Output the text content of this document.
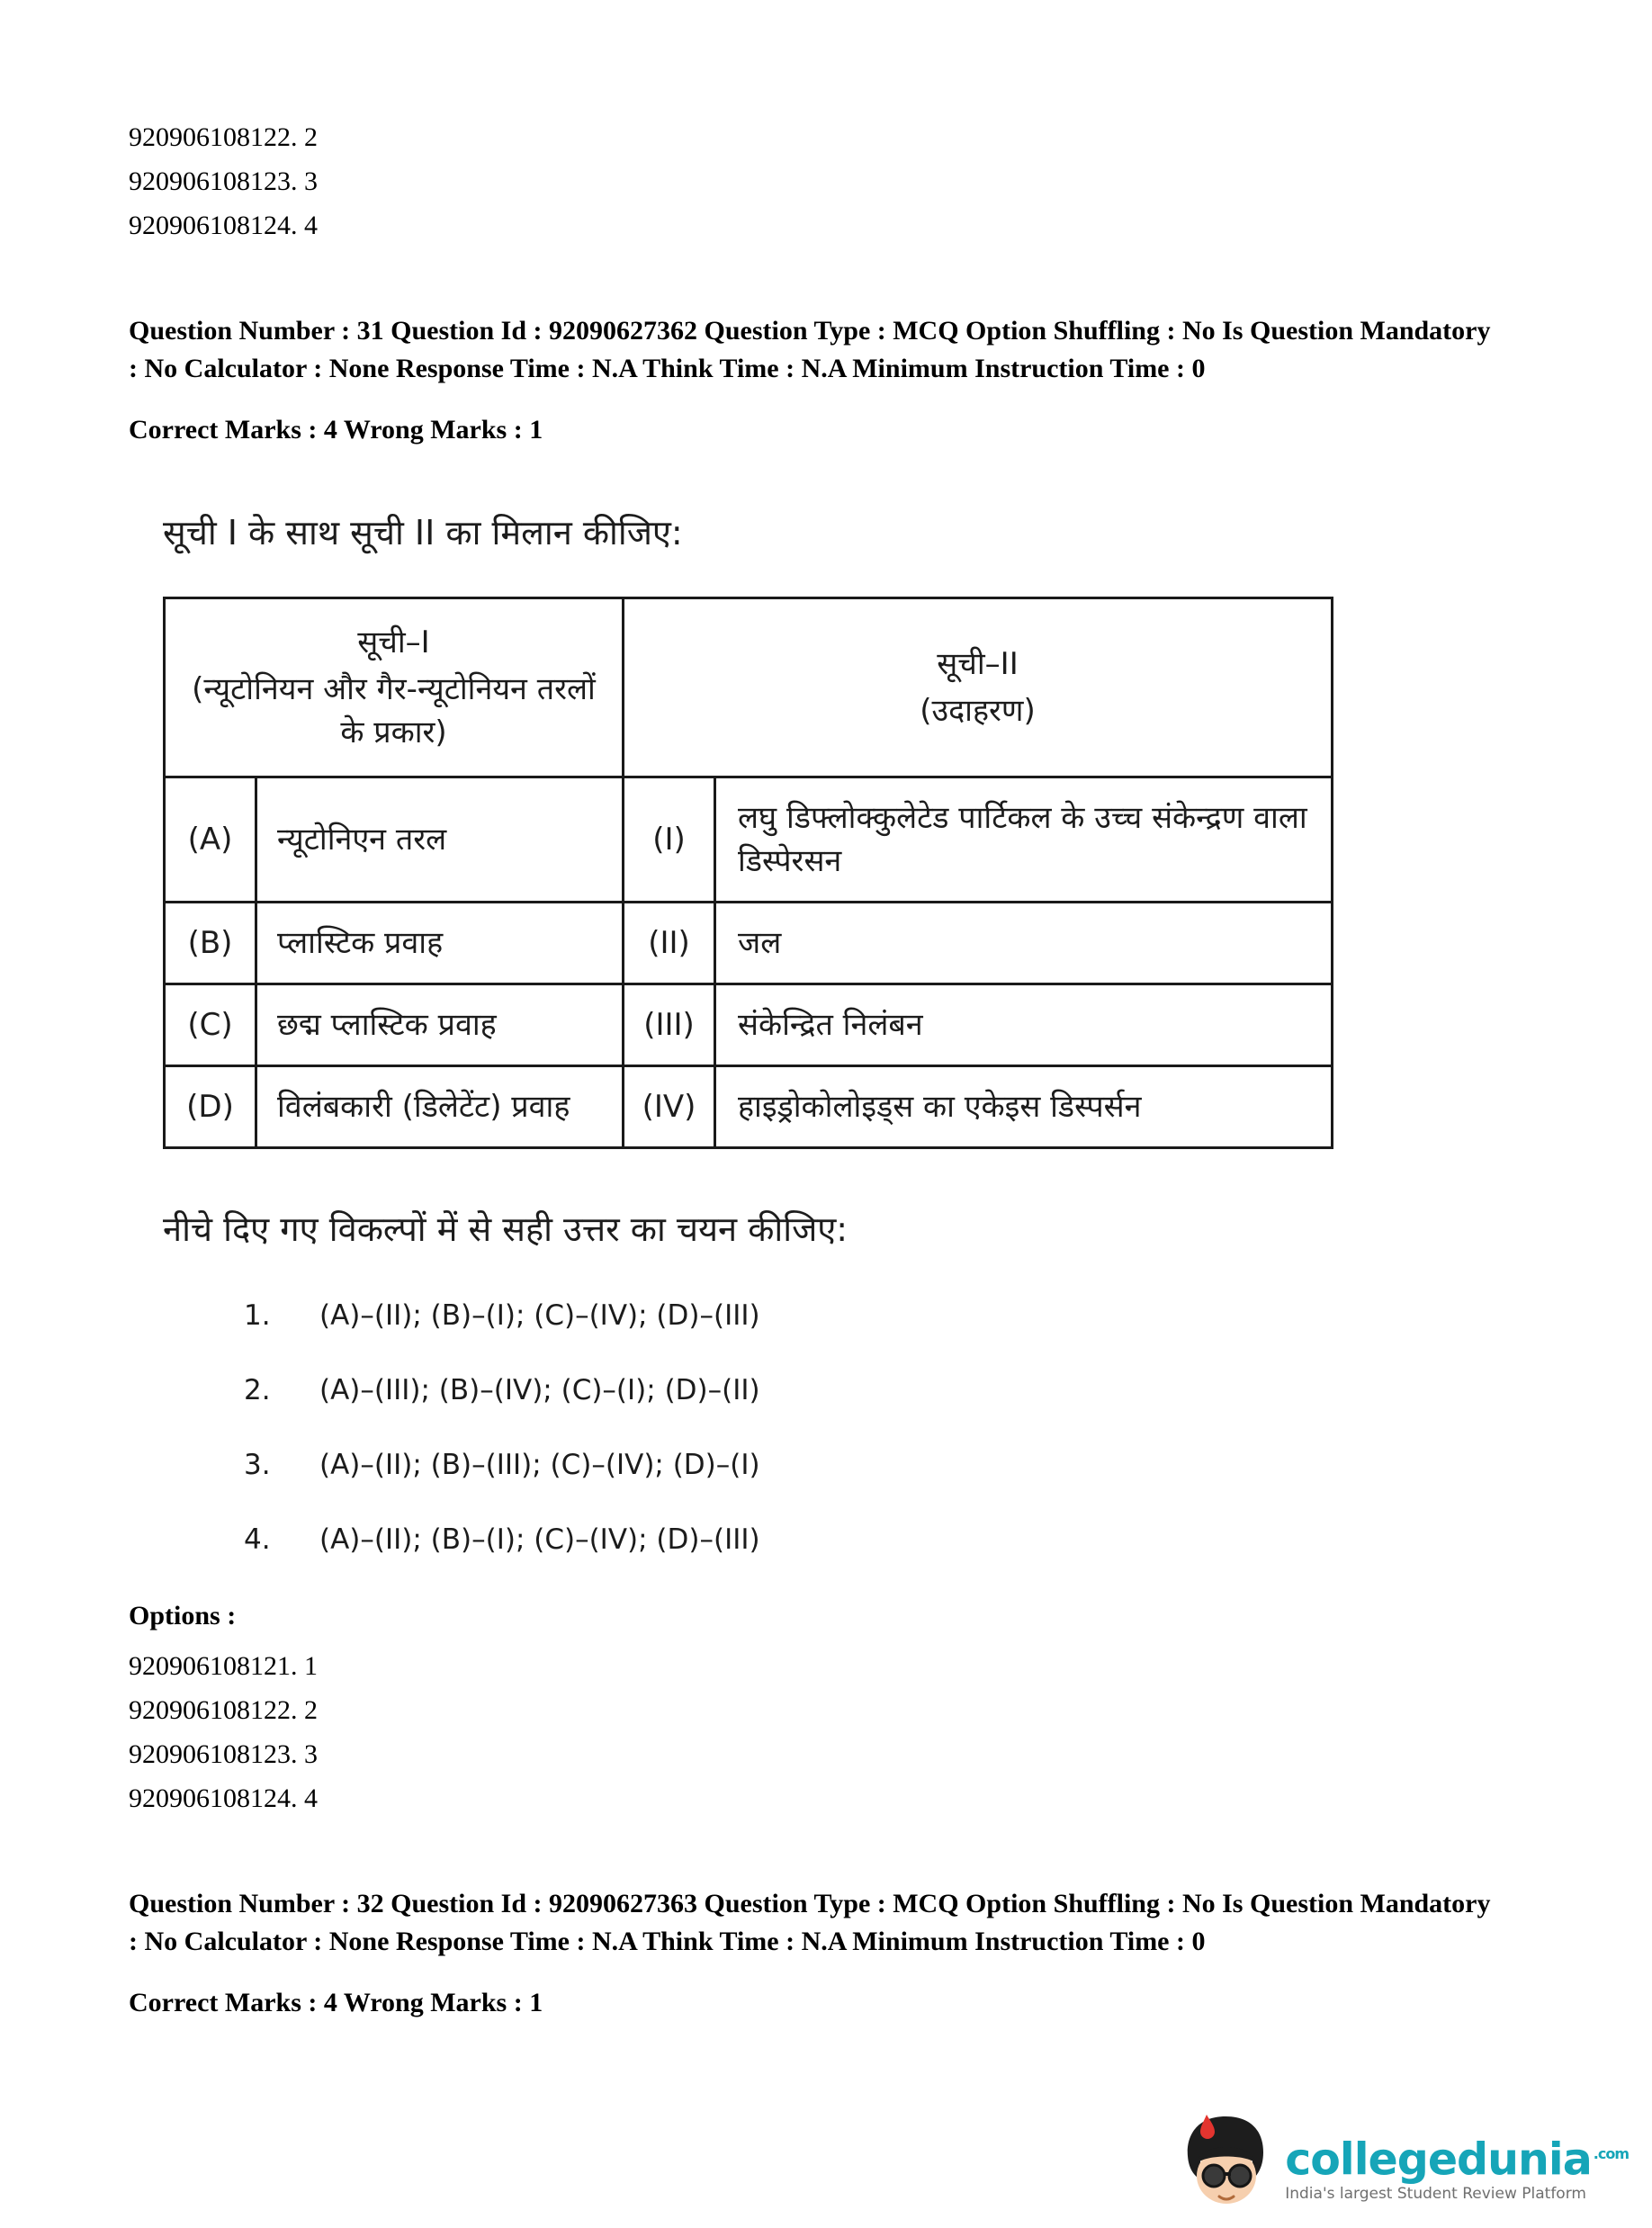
920906108122. 2
920906108123. 3
920906108124. 4

Question Number : 31 Question Id : 92090627362 Question Type : MCQ Option Shuffling : No Is Question Mandatory : No Calculator : None Response Time : N.A Think Time : N.A Minimum Instruction Time : 0

Correct Marks : 4 Wrong Marks : 1

सूची I के साथ सूची II का मिलान कीजिए:
सूची–I
(न्यूटोनियन और गैर-न्यूटोनियन तरलों के प्रकार)

सूची–II
(उदाहरण)

(A)	न्यूटोनिएन तरल	(I)	लघु डिफ्लोक्कुलेटेड पार्टिकल के उच्च संकेन्द्रण वाला डिस्पेरसन
(B)	प्लास्टिक प्रवाह	(II)	जल
(C)	छद्म प्लास्टिक प्रवाह	(III)	संकेन्द्रित निलंबन
(D)	विलंबकारी (डिलेटेंट) प्रवाह	(IV)	हाइड्रोकोलोइड्स का एकेइस डिस्पर्सन
नीचे दिए गए विकल्पों में से सही उत्तर का चयन कीजिए:
1.	(A)–(II); (B)–(I); (C)–(IV); (D)–(III)
2.	(A)–(III); (B)–(IV); (C)–(I); (D)–(II)
3.	(A)–(II); (B)–(III); (C)–(IV); (D)–(I)
4.	(A)–(II); (B)–(I); (C)–(IV); (D)–(III)

Options :

920906108121. 1
920906108122. 2
920906108123. 3
920906108124. 4

Question Number : 32 Question Id : 92090627363 Question Type : MCQ Option Shuffling : No Is Question Mandatory : No Calculator : None Response Time : N.A Think Time : N.A Minimum Instruction Time : 0

Correct Marks : 4 Wrong Marks : 1

collegedunia $^{.com}$
India's largest Student Review Platform
